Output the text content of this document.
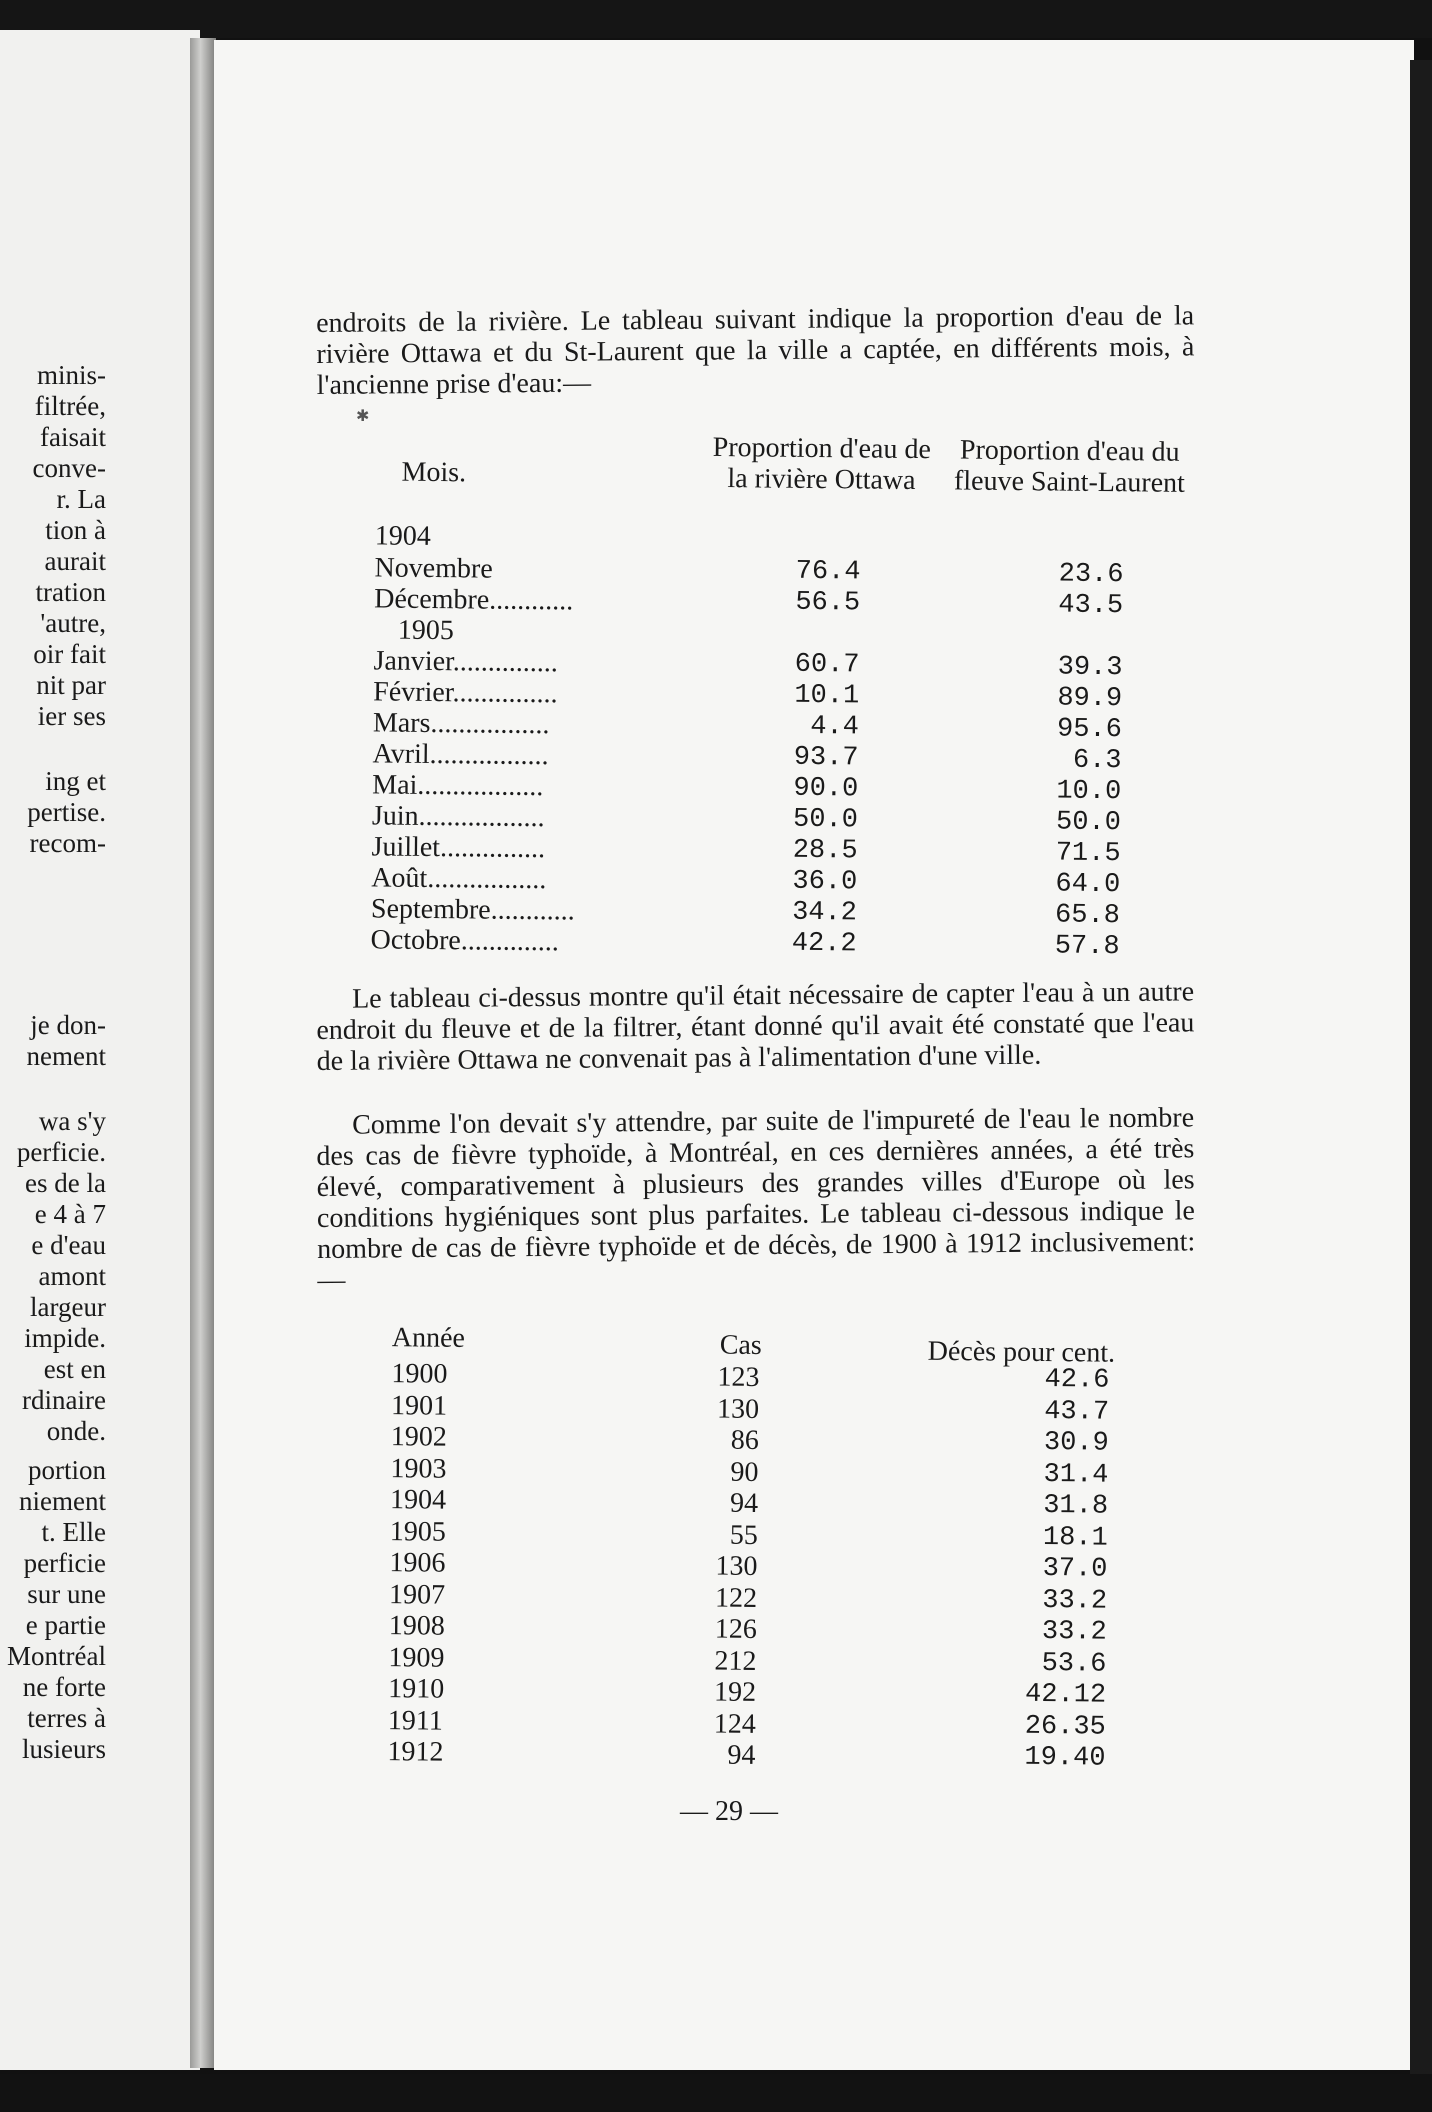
minis-
filtrée,
faisait
conve-
r. La
tion à
aurait
tration
'autre,
oir fait
nit par
ier ses
ing et
pertise.
recom-
je don-
nement
wa s'y
perficie.
es de la
e 4 à 7
e d'eau
amont
largeur
impide.
est en
rdinaire
onde.
portion
niement
t. Elle
perficie
sur une
e partie
Montréal
ne forte
terres à
lusieurs

endroits de la rivière. Le tableau suivant indique la proportion d'eau de la rivière Ottawa et du St-Laurent que la ville a captée, en différents mois, à l'ancienne prise d'eau:—

✱
Mois.
Proportion d'eau de la rivière Ottawa
Proportion d'eau du fleuve Saint-Laurent
1904
Novembre	76.4	23.6
Décembre............	56.5	43.5
1905
Janvier...............	60.7	39.3
Février...............	10.1	89.9
Mars.................	4.4	95.6
Avril.................	93.7	6.3
Mai..................	90.0	10.0
Juin..................	50.0	50.0
Juillet...............	28.5	71.5
Août.................	36.0	64.0
Septembre............	34.2	65.8
Octobre..............	42.2	57.8

Le tableau ci-dessus montre qu'il était nécessaire de capter l'eau à un autre endroit du fleuve et de la filtrer, étant donné qu'il avait été constaté que l'eau de la rivière Ottawa ne convenait pas à l'alimentation d'une ville.

Comme l'on devait s'y attendre, par suite de l'impureté de l'eau le nombre des cas de fièvre typhoïde, à Montréal, en ces dernières années, a été très élevé, comparativement à plusieurs des grandes villes d'Europe où les conditions hygiéniques sont plus parfaites. Le tableau ci-dessous indique le nombre de cas de fièvre typhoïde et de décès, de 1900 à 1912 inclusivement:—

Année	Cas	Décès pour cent.
1900	123	42.6
1901	130	43.7
1902	86	30.9
1903	90	31.4
1904	94	31.8
1905	55	18.1
1906	130	37.0
1907	122	33.2
1908	126	33.2
1909	212	53.6
1910	192	42.12
1911	124	26.35
1912	94	19.40
— 29 —
